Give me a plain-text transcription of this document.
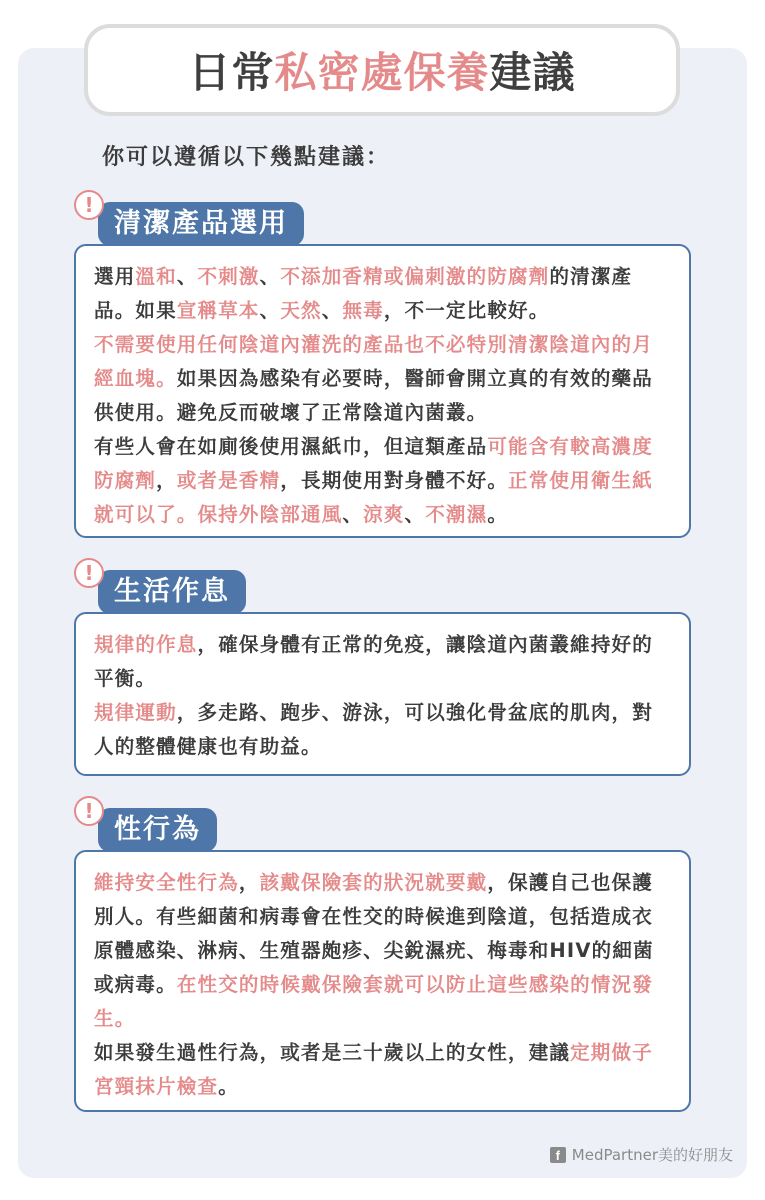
日常 私密處保養 建議
你可以遵循以下幾點建議：
!
清潔產品選用

選用溫和、不刺激、不添加香精或偏刺激的防腐劑的清潔產品。如果宣稱草本、天然、無毒，不一定比較好。

不需要使用任何陰道內灌洗的產品也不必特別清潔陰道內的月經血塊。如果因為感染有必要時，醫師會開立真的有效的藥品供使用。避免反而破壞了正常陰道內菌叢。

有些人會在如廁後使用濕紙巾，但這類產品可能含有較高濃度防腐劑，或者是香精，長期使用對身體不好。正常使用衛生紙就可以了。保持外陰部通風、涼爽、不潮濕。

!
生活作息

規律的作息，確保身體有正常的免疫，讓陰道內菌叢維持好的平衡。

規律運動，多走路、跑步、游泳，可以強化骨盆底的肌肉，對人的整體健康也有助益。

!
性行為

維持安全性行為，該戴保險套的狀況就要戴，保護自己也保護別人。有些細菌和病毒會在性交的時候進到陰道，包括造成衣原體感染、淋病、生殖器皰疹、尖銳濕疣、梅毒和HIV的細菌或病毒。在性交的時候戴保險套就可以防止這些感染的情況發生。

如果發生過性行為，或者是三十歲以上的女性，建議定期做子宮頸抹片檢查。

f MedPartner美的好朋友
